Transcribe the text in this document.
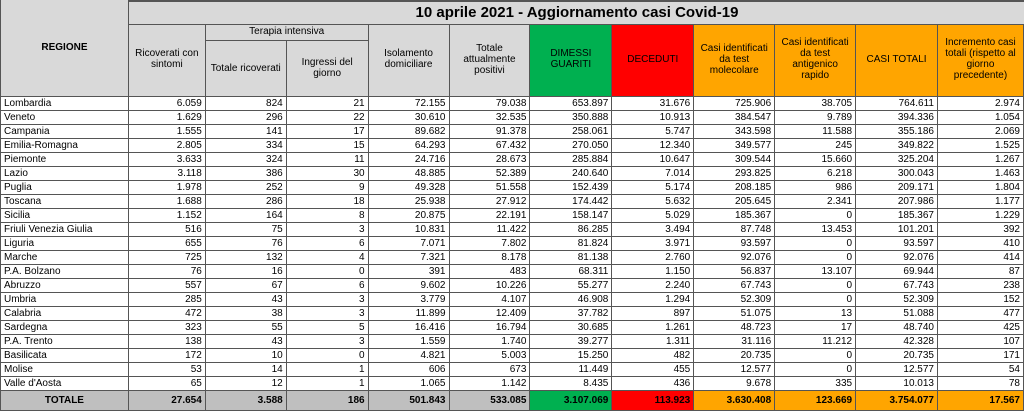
REGIONE											
	Ricoverati con sintomi	Terapia intensiva		Isolamento domiciliare	Totale attualmente positivi	DIMESSI GUARITI	DECEDUTI	Casi identificati da test molecolare	Casi identificati da test antigenico rapido	CASI TOTALI	Incremento casi totali (rispetto al giorno precedente)
		Totale ricoverati	Ingressi del giorno								
Lombardia	6.059	824	21	72.155	79.038	653.897	31.676	725.906	38.705	764.611	2.974
Veneto	1.629	296	22	30.610	32.535	350.888	10.913	384.547	9.789	394.336	1.054
Campania	1.555	141	17	89.682	91.378	258.061	5.747	343.598	11.588	355.186	2.069
Emilia-Romagna	2.805	334	15	64.293	67.432	270.050	12.340	349.577	245	349.822	1.525
Piemonte	3.633	324	11	24.716	28.673	285.884	10.647	309.544	15.660	325.204	1.267
Lazio	3.118	386	30	48.885	52.389	240.640	7.014	293.825	6.218	300.043	1.463
Puglia	1.978	252	9	49.328	51.558	152.439	5.174	208.185	986	209.171	1.804
Toscana	1.688	286	18	25.938	27.912	174.442	5.632	205.645	2.341	207.986	1.177
Sicilia	1.152	164	8	20.875	22.191	158.147	5.029	185.367	0	185.367	1.229
Friuli Venezia Giulia	516	75	3	10.831	11.422	86.285	3.494	87.748	13.453	101.201	392
Liguria	655	76	6	7.071	7.802	81.824	3.971	93.597	0	93.597	410
Marche	725	132	4	7.321	8.178	81.138	2.760	92.076	0	92.076	414
P.A. Bolzano	76	16	0	391	483	68.311	1.150	56.837	13.107	69.944	87
Abruzzo	557	67	6	9.602	10.226	55.277	2.240	67.743	0	67.743	238
Umbria	285	43	3	3.779	4.107	46.908	1.294	52.309	0	52.309	152
Calabria	472	38	3	11.899	12.409	37.782	897	51.075	13	51.088	477
Sardegna	323	55	5	16.416	16.794	30.685	1.261	48.723	17	48.740	425
P.A. Trento	138	43	3	1.559	1.740	39.277	1.311	31.116	11.212	42.328	107
Basilicata	172	10	0	4.821	5.003	15.250	482	20.735	0	20.735	171
Molise	53	14	1	606	673	11.449	455	12.577	0	12.577	54
Valle d'Aosta	65	12	1	1.065	1.142	8.435	436	9.678	335	10.013	78
TOTALE	27.654	3.588	186	501.843	533.085	3.107.069	113.923	3.630.408	123.669	3.754.077	17.567
10 aprile 2021 - Aggiornamento casi Covid-19
